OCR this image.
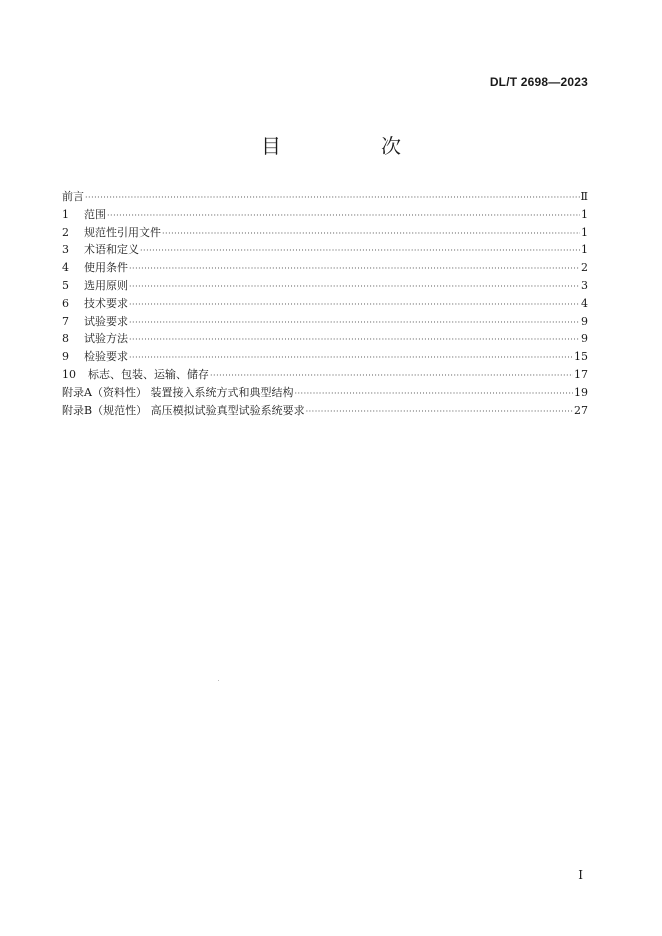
DL/T 2698—2023
目　次
前言 ·····	Ⅱ
1	范围 ·····	1
2	规范性引用文件 ·····	1
3	术语和定义 ·····	1
4	使用条件 ·····	2
5	选用原则 ·····	3
6	技术要求 ·····	4
7	试验要求 ·····	9
8	试验方法 ·····	9
9	检验要求 ·····	15
10	标志、包装、运输、储存 ·····	17
附录A（资料性） 装置接入系统方式和典型结构 ·····	19
附录B（规范性） 高压模拟试验真型试验系统要求 ·····	27
I
